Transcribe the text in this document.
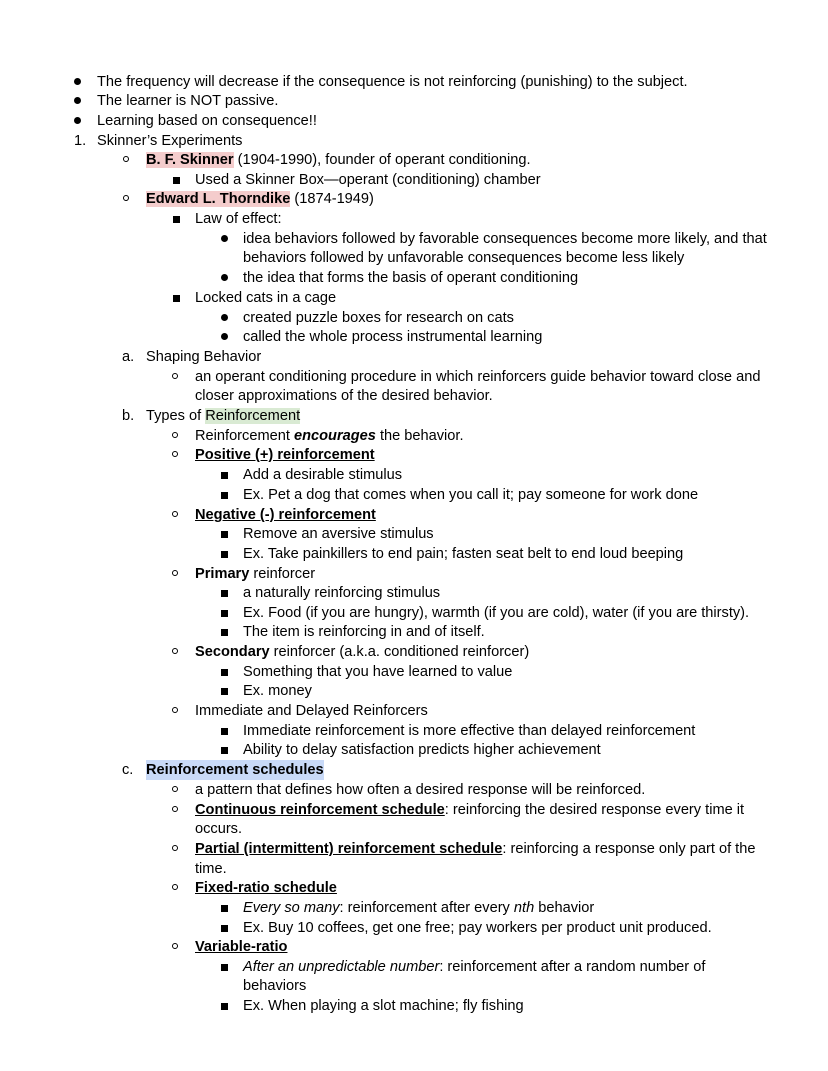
The frequency will decrease if the consequence is not reinforcing (punishing) to the subject.
The learner is NOT passive.
Learning based on consequence!!
1. Skinner’s Experiments
B. F. Skinner (1904-1990), founder of operant conditioning.
Used a Skinner Box—operant (conditioning) chamber
Edward L. Thorndike (1874-1949)
Law of effect:
idea behaviors followed by favorable consequences become more likely, and that
behaviors followed by unfavorable consequences become less likely
the idea that forms the basis of operant conditioning
Locked cats in a cage
created puzzle boxes for research on cats
called the whole process instrumental learning
a. Shaping Behavior
an operant conditioning procedure in which reinforcers guide behavior toward close and
closer approximations of the desired behavior.
b. Types of Reinforcement
Reinforcement encourages the behavior.
Positive (+) reinforcement
Add a desirable stimulus
Ex. Pet a dog that comes when you call it; pay someone for work done
Negative (-) reinforcement
Remove an aversive stimulus
Ex. Take painkillers to end pain; fasten seat belt to end loud beeping
Primary reinforcer
a naturally reinforcing stimulus
Ex. Food (if you are hungry), warmth (if you are cold), water (if you are thirsty).
The item is reinforcing in and of itself.
Secondary reinforcer (a.k.a. conditioned reinforcer)
Something that you have learned to value
Ex. money
Immediate and Delayed Reinforcers
Immediate reinforcement is more effective than delayed reinforcement
Ability to delay satisfaction predicts higher achievement
c. Reinforcement schedules
a pattern that defines how often a desired response will be reinforced.
Continuous reinforcement schedule: reinforcing the desired response every time it
occurs.
Partial (intermittent) reinforcement schedule: reinforcing a response only part of the
time.
Fixed-ratio schedule
Every so many: reinforcement after every nth behavior
Ex. Buy 10 coffees, get one free; pay workers per product unit produced.
Variable-ratio
After an unpredictable number: reinforcement after a random number of
behaviors
Ex. When playing a slot machine; fly fishing
